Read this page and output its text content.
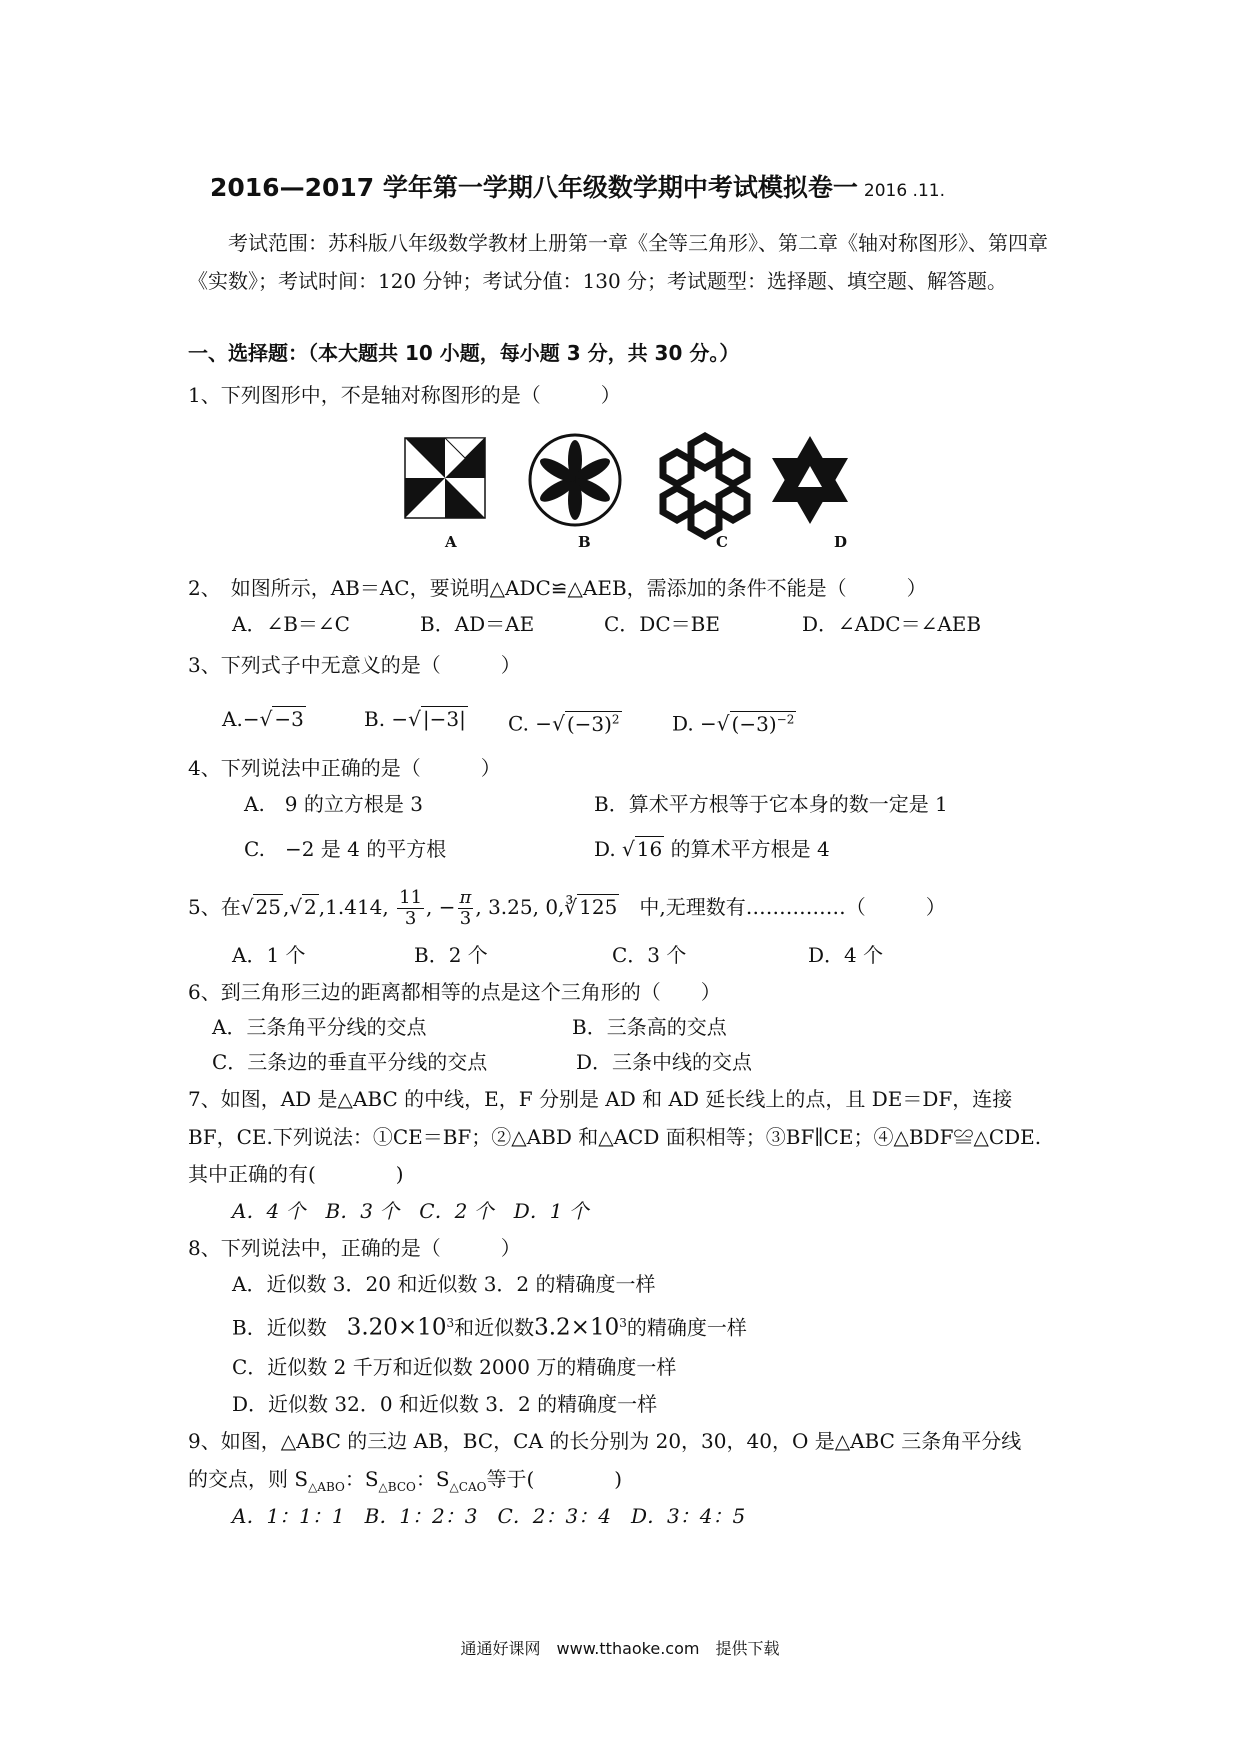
2016—2017 学年第一学期八年级数学期中考试模拟卷一 2016 .11.
考试范围：苏科版八年级数学教材上册第一章《全等三角形》、第二章《轴对称图形》、第四章《实数》；考试时间：120 分钟；考试分值：130 分；考试题型：选择题、填空题、解答题。
一、选择题：（本大题共 10 小题，每小题 3 分，共 30 分。）
1、下列图形中，不是轴对称图形的是（　　　）
A	B	C	D
2、　如图所示，AB＝AC，要说明△ADC≌△AEB，需添加的条件不能是（　　　）
A．∠B＝∠C	B．AD＝AE	C．DC＝BE	D．∠ADC＝∠AEB
3、下列式子中无意义的是（　　　）
A.−√ −3	B. −√ |−3| C. −√ $(-3)^2$	D. −√ $(-3)^{-2}$
4、下列说法中正确的是（　　　）
A.　9 的立方根是 3	B．算术平方根等于它本身的数一定是 1
C.　−2 是 4 的平方根	D. √ 16 的算术平方根是 4
5、在√ 25 ,√ 2 ,1.414, $\frac{11}{3}$ , − $\frac{\pi}{3}$ , 3.25, 0,∛ 125　 中,无理数有……………（　　　）
A．1 个	B．2 个	C．3 个	D．4 个
6、到三角形三边的距离都相等的点是这个三角形的（　　）
A．三条角平分线的交点	B．三条高的交点
C．三条边的垂直平分线的交点	D．三条中线的交点
7、如图，AD 是△ABC 的中线，E，F 分别是 AD 和 AD 延长线上的点，且 DE＝DF，连接
BF，CE.下列说法：①CE＝BF；②△ABD 和△ACD 面积相等；③BF∥CE；④△BDF≌△CDE.
其中正确的有(　　　　)
A．4 个　B．3 个　C．2 个　D．1 个
8、下列说法中，正确的是（　　　）
A．近似数 3．20 和近似数 3．2 的精确度一样
B．近似数　 $3.20\times 10^3$和近似数$3.2\times 10^3$的精确度一样
C．近似数 2 千万和近似数 2000 万的精确度一样
D．近似数 32．0 和近似数 3．2 的精确度一样
9、如图，△ABC 的三边 AB，BC，CA 的长分别为 20，30，40，O 是△ABC 三条角平分线
的交点，则 $S_{\triangle ABO}$：$S_{\triangle BCO}$：$S_{\triangle CAO}$等于(　　　　)
A．1：1：1　B．1：2：3　C．2：3：4　D．3：4：5
通通好课网　www.tthaoke.com　提供下载
